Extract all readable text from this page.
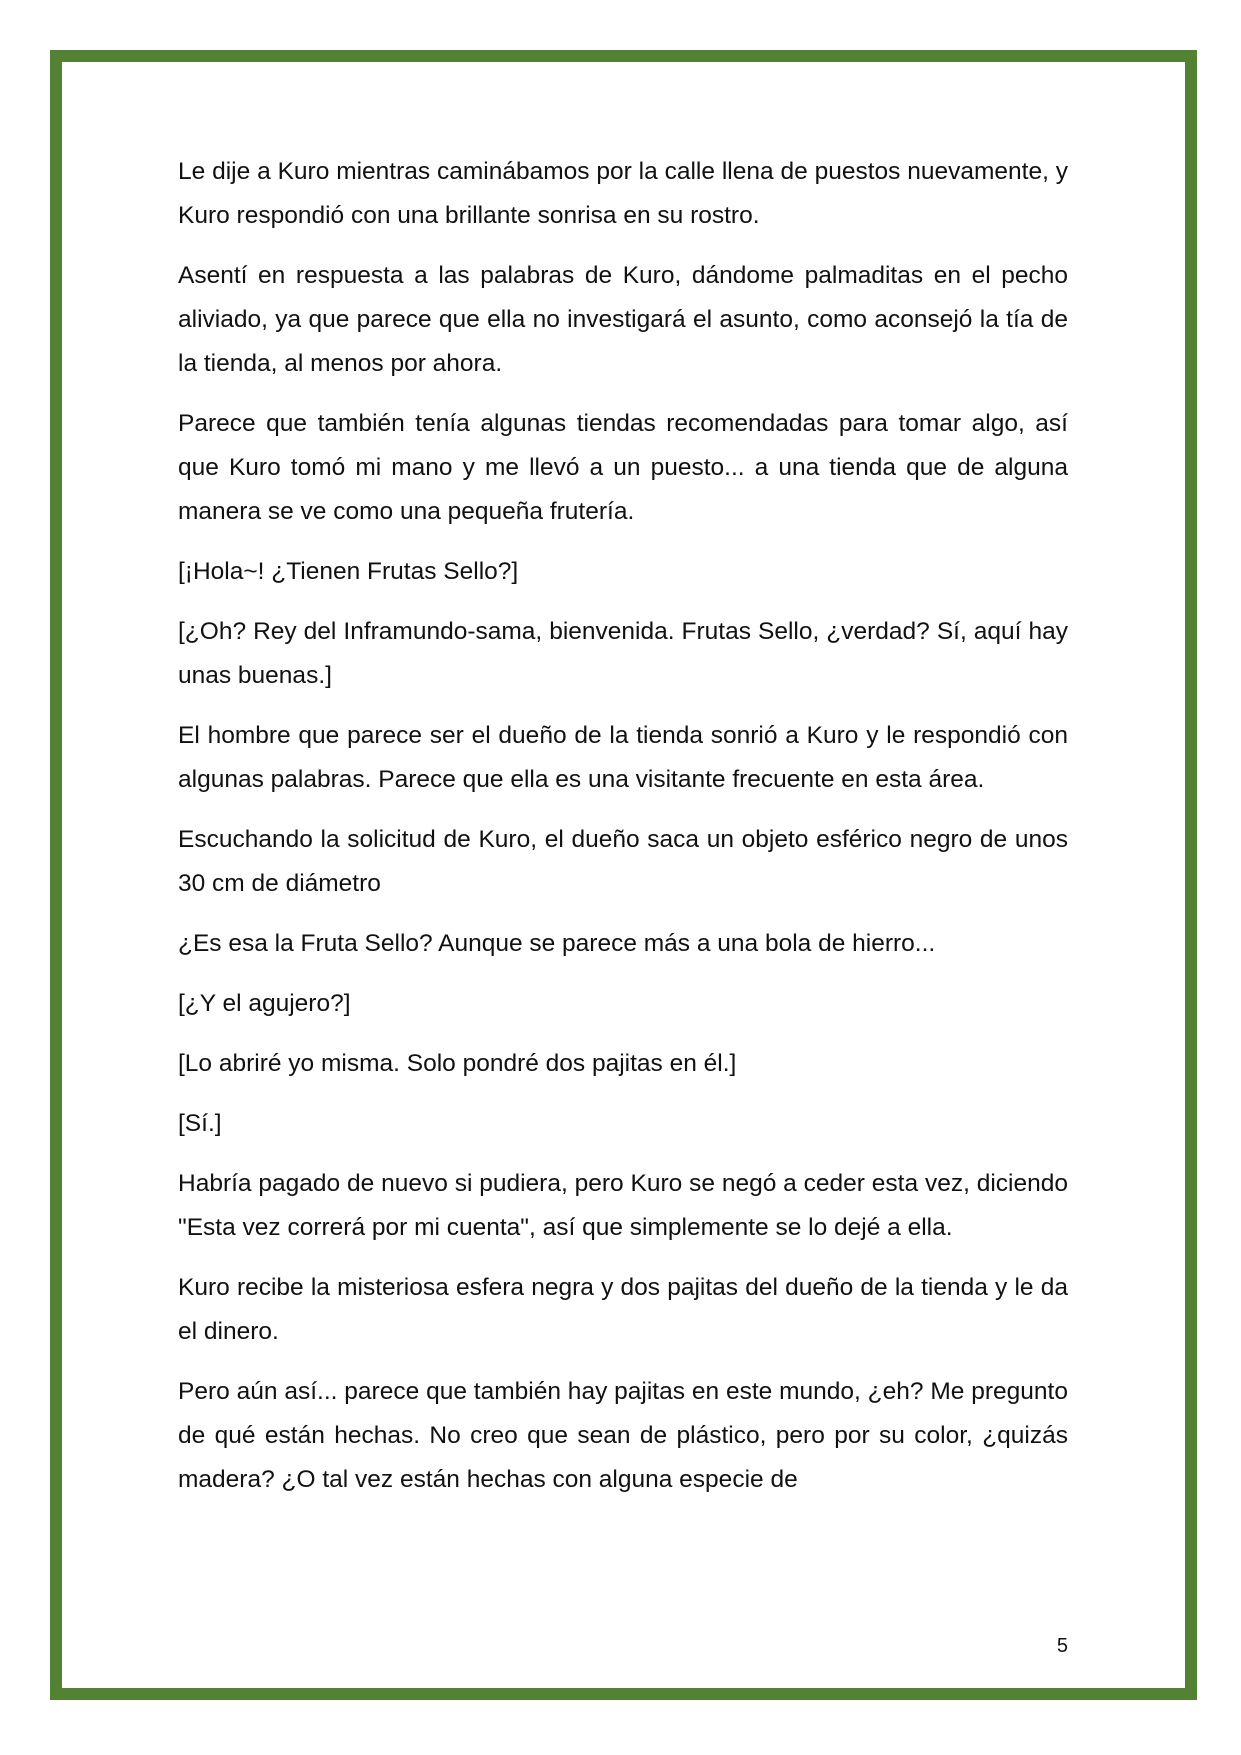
Le dije a Kuro mientras caminábamos por la calle llena de puestos nuevamente, y Kuro respondió con una brillante sonrisa en su rostro.

Asentí en respuesta a las palabras de Kuro, dándome palmaditas en el pecho aliviado, ya que parece que ella no investigará el asunto, como aconsejó la tía de la tienda, al menos por ahora.

Parece que también tenía algunas tiendas recomendadas para tomar algo, así que Kuro tomó mi mano y me llevó a un puesto... a una tienda que de alguna manera se ve como una pequeña frutería.

[¡Hola~! ¿Tienen Frutas Sello?]

[¿Oh? Rey del Inframundo-sama, bienvenida. Frutas Sello, ¿verdad? Sí, aquí hay unas buenas.]

El hombre que parece ser el dueño de la tienda sonrió a Kuro y le respondió con algunas palabras. Parece que ella es una visitante frecuente en esta área.

Escuchando la solicitud de Kuro, el dueño saca un objeto esférico negro de unos 30 cm de diámetro

¿Es esa la Fruta Sello? Aunque se parece más a una bola de hierro...

[¿Y el agujero?]

[Lo abriré yo misma. Solo pondré dos pajitas en él.]

[Sí.]

Habría pagado de nuevo si pudiera, pero Kuro se negó a ceder esta vez, diciendo "Esta vez correrá por mi cuenta", así que simplemente se lo dejé a ella.

Kuro recibe la misteriosa esfera negra y dos pajitas del dueño de la tienda y le da el dinero.

Pero aún así... parece que también hay pajitas en este mundo, ¿eh? Me pregunto de qué están hechas. No creo que sean de plástico, pero por su color, ¿quizás madera? ¿O tal vez están hechas con alguna especie de

5
